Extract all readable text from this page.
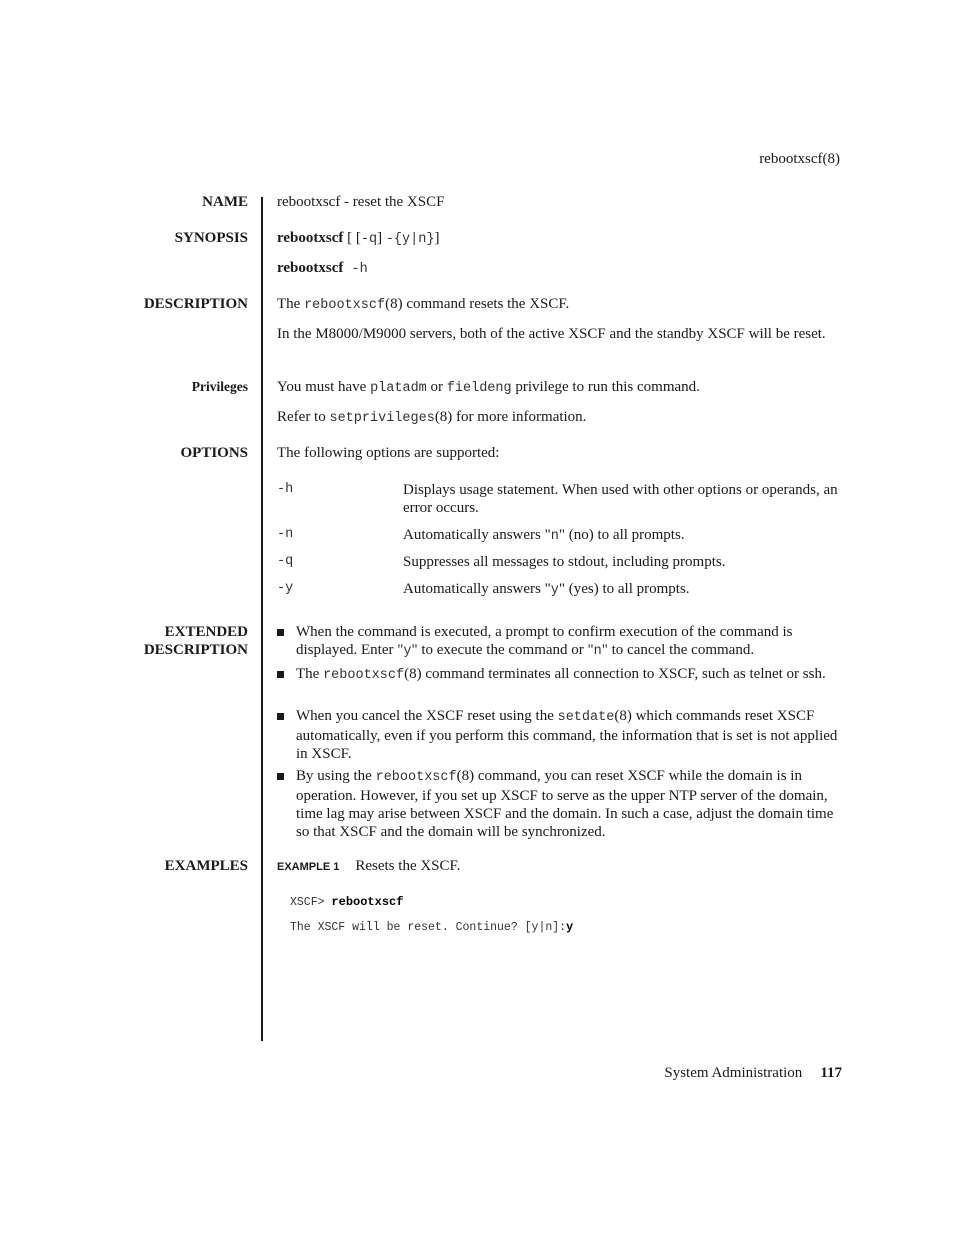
rebootxscf(8)
NAME rebootxscf - reset the XSCF
SYNOPSIS rebootxscf [ [-q] -{y|n}]
rebootxscf -h
DESCRIPTION The rebootxscf(8) command resets the XSCF.
In the M8000/M9000 servers, both of the active XSCF and the standby XSCF will be reset.
Privileges You must have platadm or fieldeng privilege to run this command.
Refer to setprivileges(8) for more information.
OPTIONS The following options are supported:
-h	Displays usage statement. When used with other options or operands, an error occurs.
-n	Automatically answers "n" (no) to all prompts.
-q	Suppresses all messages to stdout, including prompts.
-y	Automatically answers "y" (yes) to all prompts.
EXTENDED
DESCRIPTION
When the command is executed, a prompt to confirm execution of the command is displayed. Enter "y" to execute the command or "n" to cancel the command.
The rebootxscf(8) command terminates all connection to XSCF, such as telnet or ssh.
When you cancel the XSCF reset using the setdate(8) which commands reset XSCF automatically, even if you perform this command, the information that is set is not applied in XSCF.
By using the rebootxscf(8) command, you can reset XSCF while the domain is in operation. However, if you set up XSCF to serve as the upper NTP server of the domain, time lag may arise between XSCF and the domain. In such a case, adjust the domain time so that XSCF and the domain will be synchronized.
EXAMPLES	EXAMPLE 1 Resets the XSCF.
XSCF> rebootxscf
The XSCF will be reset. Continue? [y|n]:y
System Administration 117
